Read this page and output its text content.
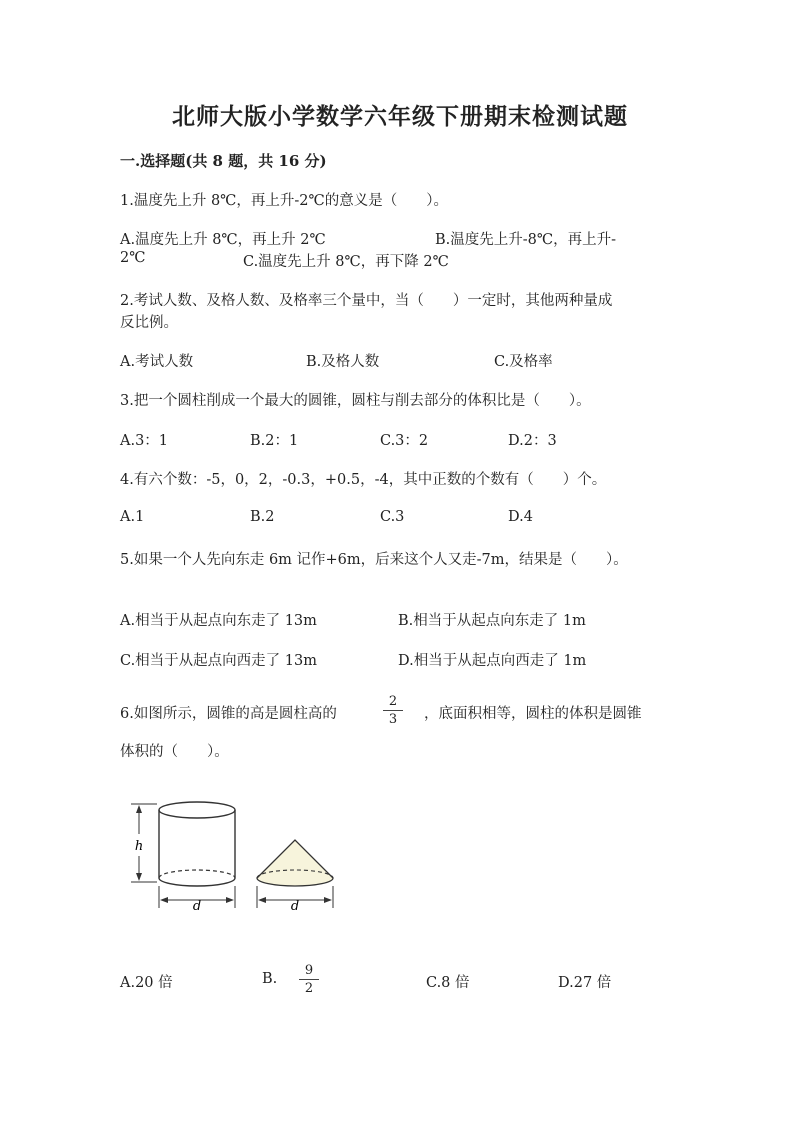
北师大版小学数学六年级下册期末检测试题
一.选择题(共 8 题，共 16 分)
1.温度先上升 8℃，再上升-2℃的意义是（　　）。
A.温度先上升 8℃，再上升 2℃	B.温度先上升-8℃，再上升-
2℃	C.温度先上升 8℃，再下降 2℃
2.考试人数、及格人数、及格率三个量中，当（　　）一定时，其他两种量成
反比例。
A.考试人数	B.及格人数	C.及格率
3.把一个圆柱削成一个最大的圆锥，圆柱与削去部分的体积比是（　　）。
A.3：1	B.2：1	C.3：2	D.2：3
4.有六个数：-5，0，2，-0.3，+0.5，-4，其中正数的个数有（　　）个。
A.1	B.2	C.3	D.4
5.如果一个人先向东走 6m 记作+6m，后来这个人又走-7m，结果是（　　）。
A.相当于从起点向东走了 13m	B.相当于从起点向东走了 1m
C.相当于从起点向西走了 13m	D.相当于从起点向西走了 1m
6.如图所示，圆锥的高是圆柱高的	$\frac{2}{3}$ ，底面积相等，圆柱的体积是圆锥
体积的（　　）。
h
d	d
A.20 倍	B. $\frac{9}{2}$	C.8 倍	D.27 倍
